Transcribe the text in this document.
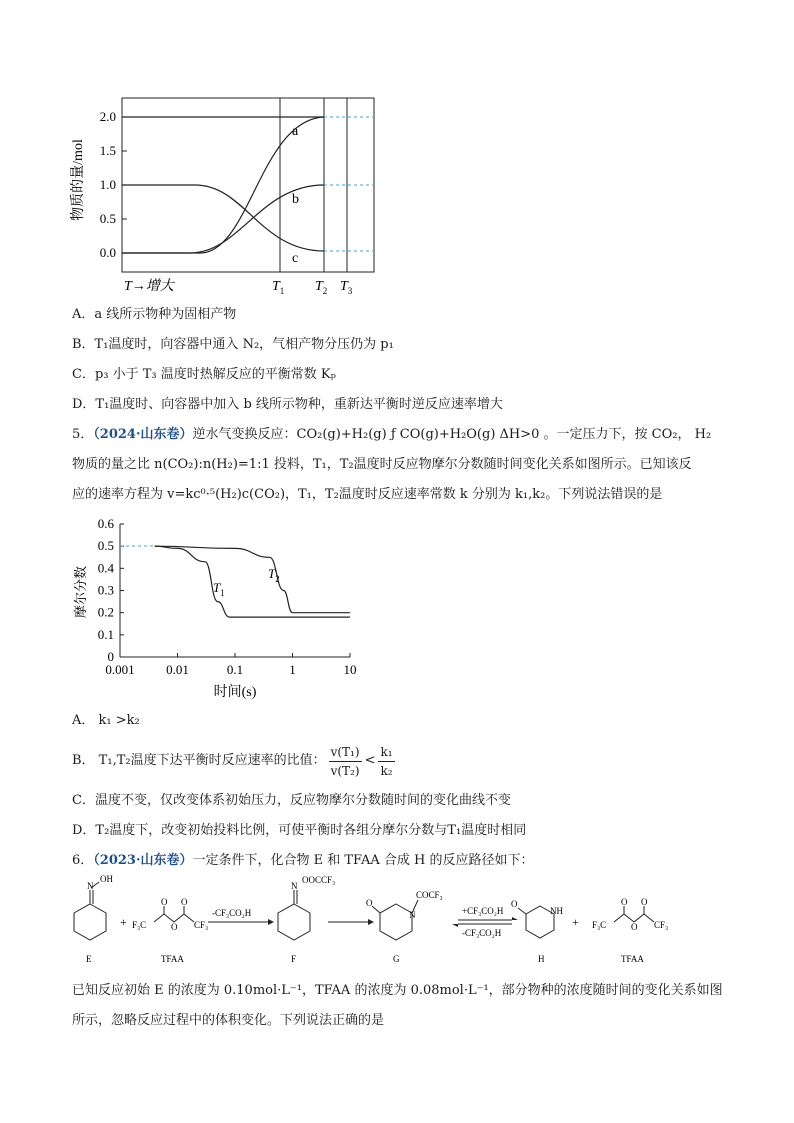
物质的量/mol
2.0
1.5
1.0
0.5
0.0
a
b
c
T→增大	$T_1$ $T_2$ $T_3$
A．a 线所示物种为固相产物
B．T₁温度时，向容器中通入 N₂，气相产物分压仍为 p₁
C．p₃ 小于 T₃ 温度时热解反应的平衡常数 Kₚ
D．T₁温度时、向容器中加入 b 线所示物种，重新达平衡时逆反应速率增大
5．（2024·山东卷）逆水气变换反应：CO₂(g)+H₂(g) ƒ CO(g)+H₂O(g) ΔH>0 。一定压力下，按 CO₂， H₂
物质的量之比 n(CO₂):n(H₂)=1:1 投料，T₁，T₂温度时反应物摩尔分数随时间变化关系如图所示。已知该反
应的速率方程为 v=kc⁰·⁵(H₂)c(CO₂)，T₁，T₂温度时反应速率常数 k 分别为 k₁,k₂。下列说法错误的是
摩尔分数
0.6
0.5
0.4
0.3
0.2
0.1
0
0.001 0.01	0.1	1	10
$T_1$
$T_2$
时间(s)
A． k₁ >k₂
B． T₁,T₂温度下达平衡时反应速率的比值： $\frac{\text{v(T₁)}}{\text{v(T₂)}}$ <
k₁
k₂
C．温度不变，仅改变体系初始压力，反应物摩尔分数随时间的变化曲线不变
D．T₂温度下，改变初始投料比例，可使平衡时各组分摩尔分数与T₁温度时相同
6．（2023·山东卷）一定条件下，化合物 E 和 TFAA 合成 H 的反应路径如下：
N
OH
E
+
O O
O
F₃C	CF₃
TFAA
-CF₃CO₂H
N
OOCCF₃
F
O
N
COCF₃
G
+CF₃CO₂H
-CF₃CO₂H
O
NH
H
+
O O
O
F₃C	CF₃
TFAA
已知反应初始 E 的浓度为 0.10mol·L⁻¹，TFAA 的浓度为 0.08mol·L⁻¹，部分物种的浓度随时间的变化关系如图
所示，忽略反应过程中的体积变化。下列说法正确的是
